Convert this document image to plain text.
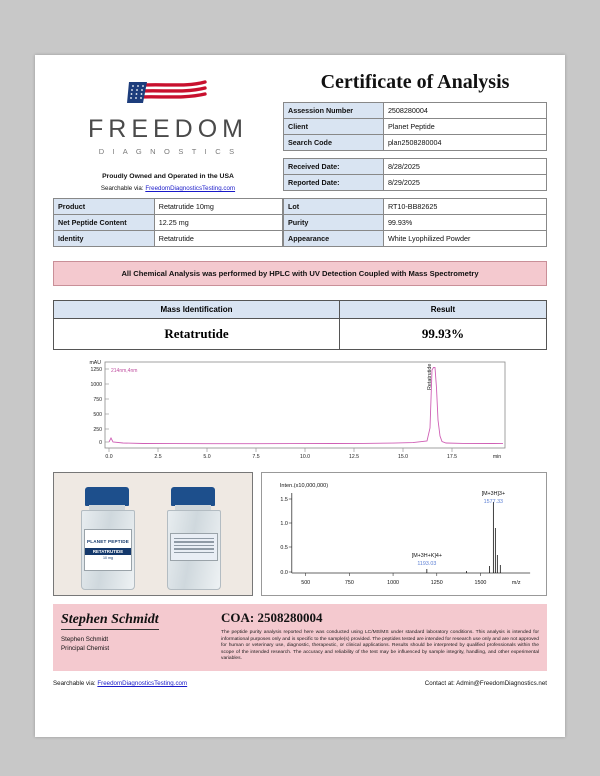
FREEDOM
D I A G N O S T I C S
Proudly Owned and Operated in the USA
Searchable via: FreedomDiagnosticsTesting.com
Product	Retatrutide 10mg
Net Peptide Content	12.25 mg
Identity	Retatrutide
Certificate of Analysis
Assession Number	2508280004
Client	Planet Peptide
Search Code	plan2508280004
Received Date:	8/28/2025
Reported Date:	8/29/2025
Lot	RT10-BB82625
Purity	99.93%
Appearance	White Lyophilized Powder
All Chemical Analysis was performed by HPLC with UV Detection Coupled with Mass Spectrometry
Mass Identification	Result
Retatrutide	99.93%
mAU
1250
1000
750
500
250
0
0.0	2.5	5.0	7.5	10.0	12.5	15.0	17.5	min
214nm,4nm	Retatrutide
PLANET PEPTIDE
RETATRUTIDE
10 mg
Inten.(x10,000,000)
1.5
1.0
0.5
0.0
500	750	1000	1250	1500	m/z
[M+3H]3+
1577.33
[M+3H+K]4+
1193.03
Stephen Schmidt
Stephen Schmidt
Principal Chemist
COA: 2508280004
The peptide purity analysis reported here was conducted using LC/MS/MS under standard laboratory conditions. This analysis is intended for informational purposes only and is specific to the sample(s) provided. The peptides tested are intended for research use only and are not approved for human or veterinary use, diagnostic, therapeutic, or clinical applications. Results should be interpreted by qualified professionals within the scope of the intended research. The accuracy and reliability of the test may be influenced by sample integrity, handling, and other experimental variables.
Searchable via: FreedomDiagnosticsTesting.com	Contact at: Admin@FreedomDiagnostics.net
